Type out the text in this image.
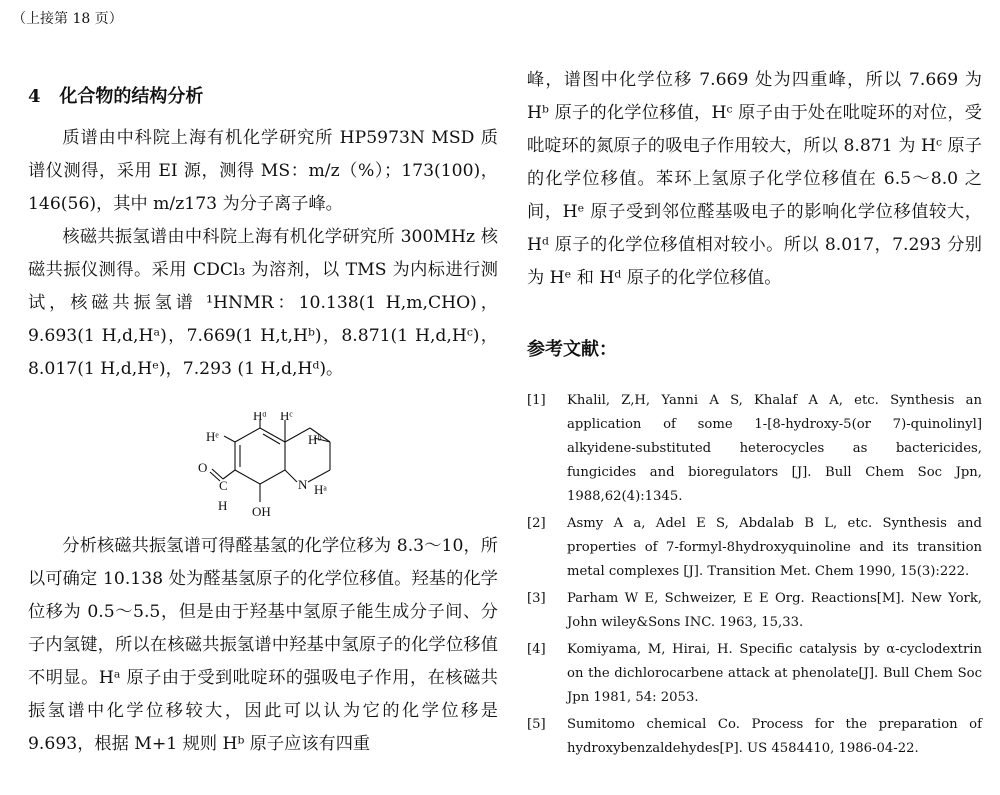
（上接第 18 页）
4 化合物的结构分析

质谱由中科院上海有机化学研究所 HP5973N MSD 质谱仪测得，采用 EI 源，测得 MS：m/z（%）；173(100)，146(56)，其中 m/z173 为分子离子峰。

核磁共振氢谱由中科院上海有机化学研究所 300MHz 核磁共振仪测得。采用 CDCl₃ 为溶剂，以 TMS 为内标进行测试，核磁共振氢谱 ¹HNMR：10.138(1 H,m,CHO)，9.693(1 H,d,Hᵃ)，7.669(1 H,t,Hᵇ)，8.871(1 H,d,Hᶜ)，8.017(1 H,d,Hᵉ)，7.293 (1 H,d,Hᵈ)。

Hᵈ Hᶜ
Hᵉ	Hᵇ
O
C
H
N Hᵃ
OH

分析核磁共振氢谱可得醛基氢的化学位移为 8.3～10，所以可确定 10.138 处为醛基氢原子的化学位移值。羟基的化学位移为 0.5～5.5，但是由于羟基中氢原子能生成分子间、分子内氢键，所以在核磁共振氢谱中羟基中氢原子的化学位移值不明显。Hᵃ 原子由于受到吡啶环的强吸电子作用，在核磁共振氢谱中化学位移较大，因此可以认为它的化学位移是 9.693，根据 M+1 规则 Hᵇ 原子应该有四重

峰，谱图中化学位移 7.669 处为四重峰，所以 7.669 为 Hᵇ 原子的化学位移值，Hᶜ 原子由于处在吡啶环的对位，受吡啶环的氮原子的吸电子作用较大，所以 8.871 为 Hᶜ 原子的化学位移值。苯环上氢原子化学位移值在 6.5～8.0 之间，Hᵉ 原子受到邻位醛基吸电子的影响化学位移值较大，Hᵈ 原子的化学位移值相对较小。所以 8.017，7.293 分别为 Hᵉ 和 Hᵈ 原子的化学位移值。

参考文献：
[1]	Khalil, Z,H, Yanni A S, Khalaf A A, etc. Synthesis an application of some 1-[8-hydroxy-5(or 7)-quinolinyl] alkyidene-substituted heterocycles as bactericides, fungicides and bioregulators [J]. Bull Chem Soc Jpn, 1988,62(4):1345.
[2]	Asmy A a, Adel E S, Abdalab B L, etc. Synthesis and properties of 7-formyl-8hydroxyquinoline and its transition metal complexes [J]. Transition Met. Chem 1990, 15(3):222.
[3]	Parham W E, Schweizer, E E Org. Reactions[M]. New York, John wiley&Sons INC. 1963, 15,33.
[4]	Komiyama, M, Hirai, H. Specific catalysis by α-cyclodextrin on the dichlorocarbene attack at phenolate[J]. Bull Chem Soc Jpn 1981, 54: 2053.
[5]	Sumitomo chemical Co. Process for the preparation of hydroxybenzaldehydes[P]. US 4584410, 1986-04-22.
